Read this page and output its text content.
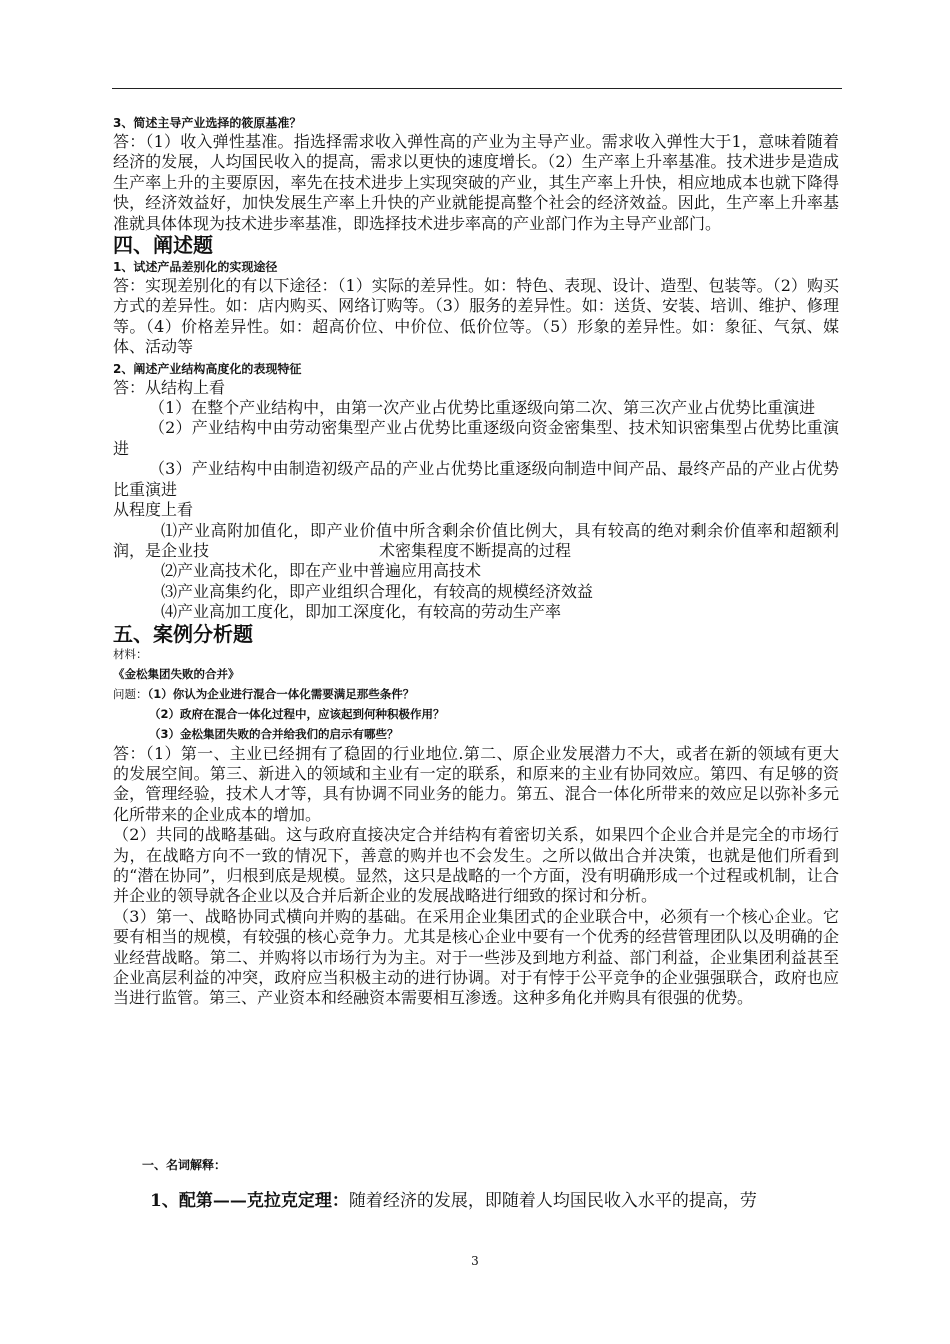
3、简述主导产业选择的筱原基准？

答：（1）收入弹性基准。指选择需求收入弹性高的产业为主导产业。需求收入弹性大于1，意味着随着经济的发展，人均国民收入的提高，需求以更快的速度增长。（2）生产率上升率基准。技术进步是造成生产率上升的主要原因，率先在技术进步上实现突破的产业，其生产率上升快，相应地成本也就下降得快，经济效益好，加快发展生产率上升快的产业就能提高整个社会的经济效益。因此，生产率上升率基准就具体体现为技术进步率基准，即选择技术进步率高的产业部门作为主导产业部门。

四、阐述题

1、试述产品差别化的实现途径

答：实现差别化的有以下途径：（1）实际的差异性。如：特色、表现、设计、造型、包装等。（2）购买方式的差异性。如：店内购买、网络订购等。（3）服务的差异性。如：送货、安装、培训、维护、修理等。（4）价格差异性。如：超高价位、中价位、低价位等。（5）形象的差异性。如：象征、气氛、媒体、活动等

2、阐述产业结构高度化的表现特征

答：从结构上看

（1）在整个产业结构中，由第一次产业占优势比重逐级向第二次、第三次产业占优势比重演进

（2）产业结构中由劳动密集型产业占优势比重逐级向资金密集型、技术知识密集型占优势比重演进

（3）产业结构中由制造初级产品的产业占优势比重逐级向制造中间产品、最终产品的产业占优势比重演进

从程度上看

⑴产业高附加值化，即产业价值中所含剩余价值比例大，具有较高的绝对剩余价值率和超额利润，是企业技	术密集程度不断提高的过程

⑵产业高技术化，即在产业中普遍应用高技术

⑶产业高集约化，即产业组织合理化，有较高的规模经济效益

⑷产业高加工度化，即加工深度化，有较高的劳动生产率

五、案例分析题

材料：

《金松集团失败的合并》

问题：（1）你认为企业进行混合一体化需要满足那些条件？

（2）政府在混合一体化过程中，应该起到何种积极作用？

（3）金松集团失败的合并给我们的启示有哪些？

答：（1）第一、主业已经拥有了稳固的行业地位.第二、原企业发展潜力不大，或者在新的领域有更大的发展空间。第三、新进入的领域和主业有一定的联系，和原来的主业有协同效应。第四、有足够的资金，管理经验，技术人才等，具有协调不同业务的能力。第五、混合一体化所带来的效应足以弥补多元化所带来的企业成本的增加。

（2）共同的战略基础。这与政府直接决定合并结构有着密切关系，如果四个企业合并是完全的市场行为，在战略方向不一致的情况下，善意的购并也不会发生。之所以做出合并决策，也就是他们所看到的“潜在协同”，归根到底是规模。显然，这只是战略的一个方面，没有明确形成一个过程或机制，让合并企业的领导就各企业以及合并后新企业的发展战略进行细致的探讨和分析。

（3）第一、战略协同式横向并购的基础。在采用企业集团式的企业联合中，必须有一个核心企业。它要有相当的规模，有较强的核心竞争力。尤其是核心企业中要有一个优秀的经营管理团队以及明确的企业经营战略。第二、并购将以市场行为为主。对于一些涉及到地方利益、部门利益，企业集团利益甚至企业高层利益的冲突，政府应当积极主动的进行协调。对于有悖于公平竞争的企业强强联合，政府也应当进行监管。第三、产业资本和经融资本需要相互渗透。这种多角化并购具有很强的优势。

一、名词解释：

1、配第——克拉克定理：随着经济的发展，即随着人均国民收入水平的提高，劳

3
